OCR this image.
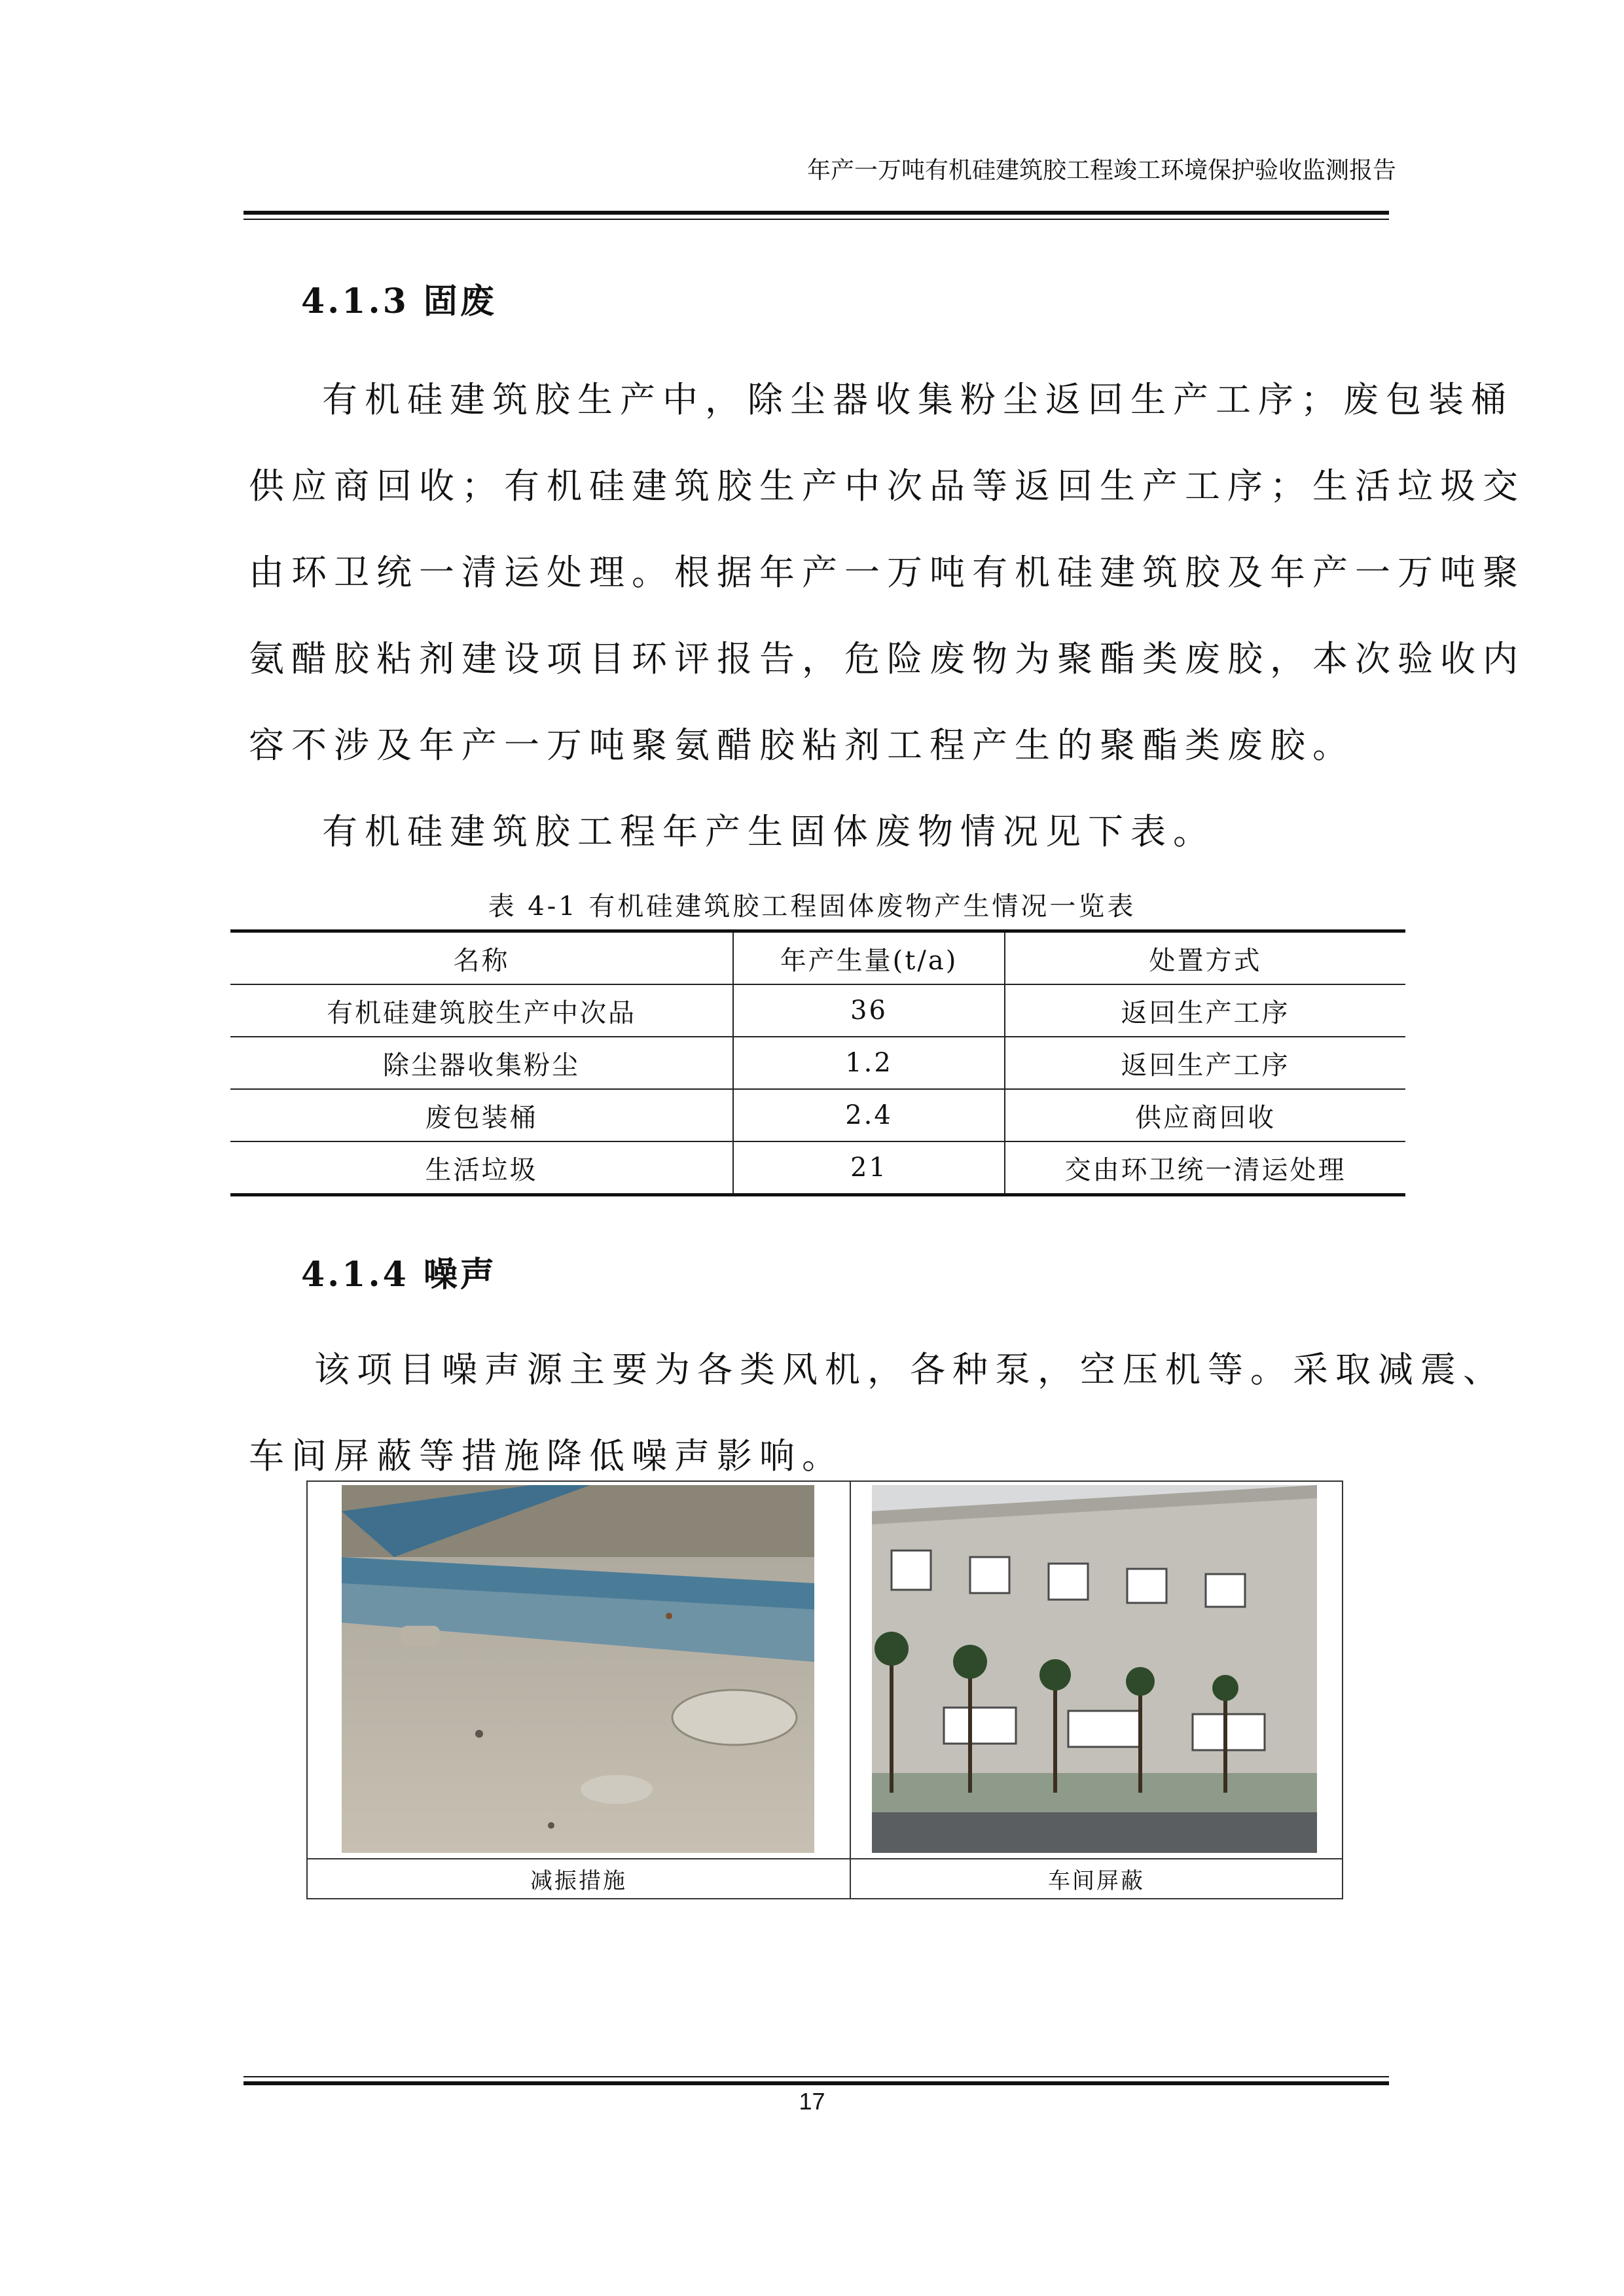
年产一万吨有机硅建筑胶工程竣工环境保护验收监测报告
4.1.3 固废
有机硅建筑胶生产中，除尘器收集粉尘返回生产工序；废包装桶
供应商回收；有机硅建筑胶生产中次品等返回生产工序；生活垃圾交
由环卫统一清运处理。根据年产一万吨有机硅建筑胶及年产一万吨聚
氨醋胶粘剂建设项目环评报告，危险废物为聚酯类废胶，本次验收内
容不涉及年产一万吨聚氨醋胶粘剂工程产生的聚酯类废胶。
有机硅建筑胶工程年产生固体废物情况见下表。
表 4-1 有机硅建筑胶工程固体废物产生情况一览表
名称	年产生量(t/a)	处置方式
有机硅建筑胶生产中次品	36	返回生产工序
除尘器收集粉尘	1.2	返回生产工序
废包装桶	2.4	供应商回收
生活垃圾	21	交由环卫统一清运处理
4.1.4 噪声
该项目噪声源主要为各类风机，各种泵，空压机等。采取减震、
车间屏蔽等措施降低噪声影响。
减振措施	车间屏蔽
17
